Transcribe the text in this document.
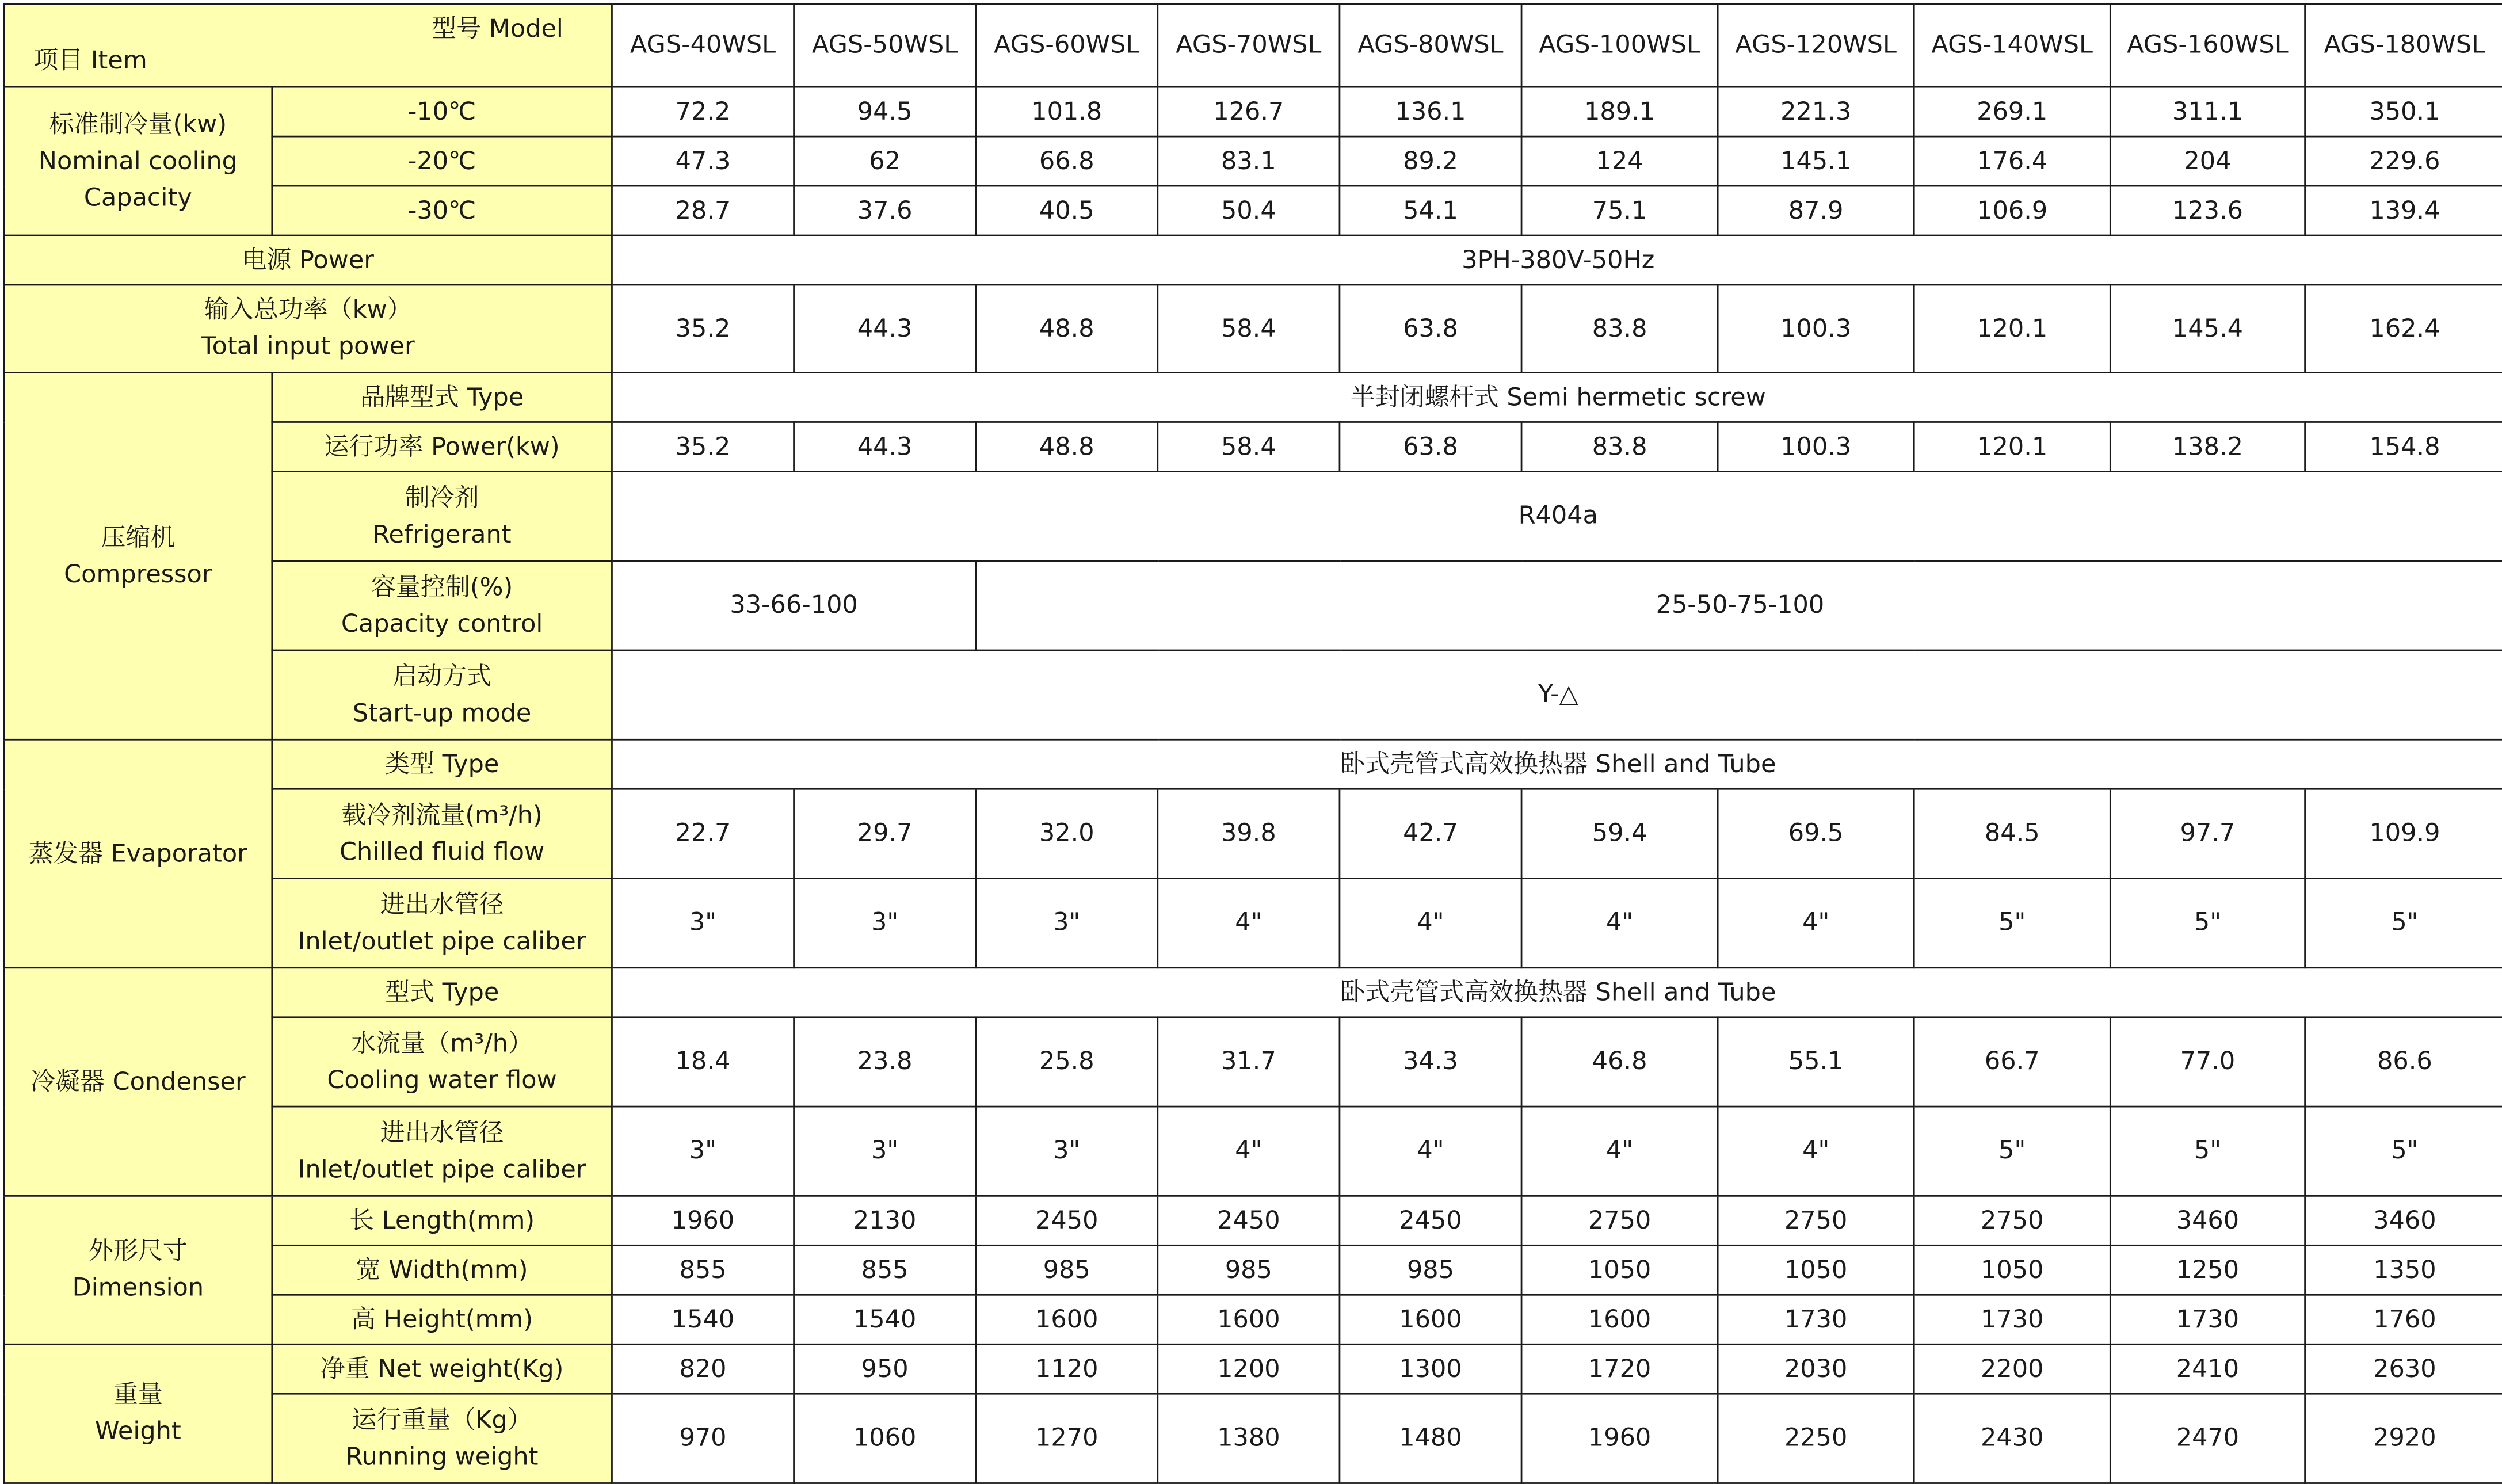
型号 Model
项目 Item		AGS-40WSL	AGS-50WSL	AGS-60WSL	AGS-70WSL	AGS-80WSL	AGS-100WSL	AGS-120WSL	AGS-140WSL	AGS-160WSL	AGS-180WSL

标准制冷量(kw)
Nominal cooling
Capacity	-10℃	72.2	94.5	101.8	126.7	136.1	189.1	221.3	269.1	311.1	350.1
	-20℃	47.3	62	66.8	83.1	89.2	124	145.1	176.4	204	229.6
	-30℃	28.7	37.6	40.5	50.4	54.1	75.1	87.9	106.9	123.6	139.4
电源 Power		3PH-380V-50Hz									

输入总功率（kw）
Total input power		35.2	44.3	48.8	58.4	63.8	83.8	100.3	120.1	145.4	162.4

压缩机
Compressor	品牌型式 Type	半封闭螺杆式 Semi hermetic screw									
	运行功率 Power(kw)	35.2	44.3	48.8	58.4	63.8	83.8	100.3	120.1	138.2	154.8

	制冷剂
Refrigerant	R404a									

	容量控制(%)
Capacity control	33-66-100		25-50-75-100							

	启动方式
Start-up mode	Y-△									
蒸发器 Evaporator	类型 Type	卧式壳管式高效换热器 Shell and Tube									

	载冷剂流量(m³/h)
Chilled fluid flow	22.7	29.7	32.0	39.8	42.7	59.4	69.5	84.5	97.7	109.9

	进出水管径
Inlet/outlet pipe caliber	3"	3"	3"	4"	4"	4"	4"	5"	5"	5"
冷凝器 Condenser	型式 Type	卧式壳管式高效换热器 Shell and Tube									

	水流量（m³/h）
Cooling water flow	18.4	23.8	25.8	31.7	34.3	46.8	55.1	66.7	77.0	86.6

	进出水管径
Inlet/outlet pipe caliber	3"	3"	3"	4"	4"	4"	4"	5"	5"	5"

外形尺寸
Dimension	长 Length(mm)	1960	2130	2450	2450	2450	2750	2750	2750	3460	3460
	宽 Width(mm)	855	855	985	985	985	1050	1050	1050	1250	1350
	高 Height(mm)	1540	1540	1600	1600	1600	1600	1730	1730	1730	1760

重量
Weight	净重 Net weight(Kg)	820	950	1120	1200	1300	1720	2030	2200	2410	2630

	运行重量（Kg）
Running weight	970	1060	1270	1380	1480	1960	2250	2430	2470	2920
